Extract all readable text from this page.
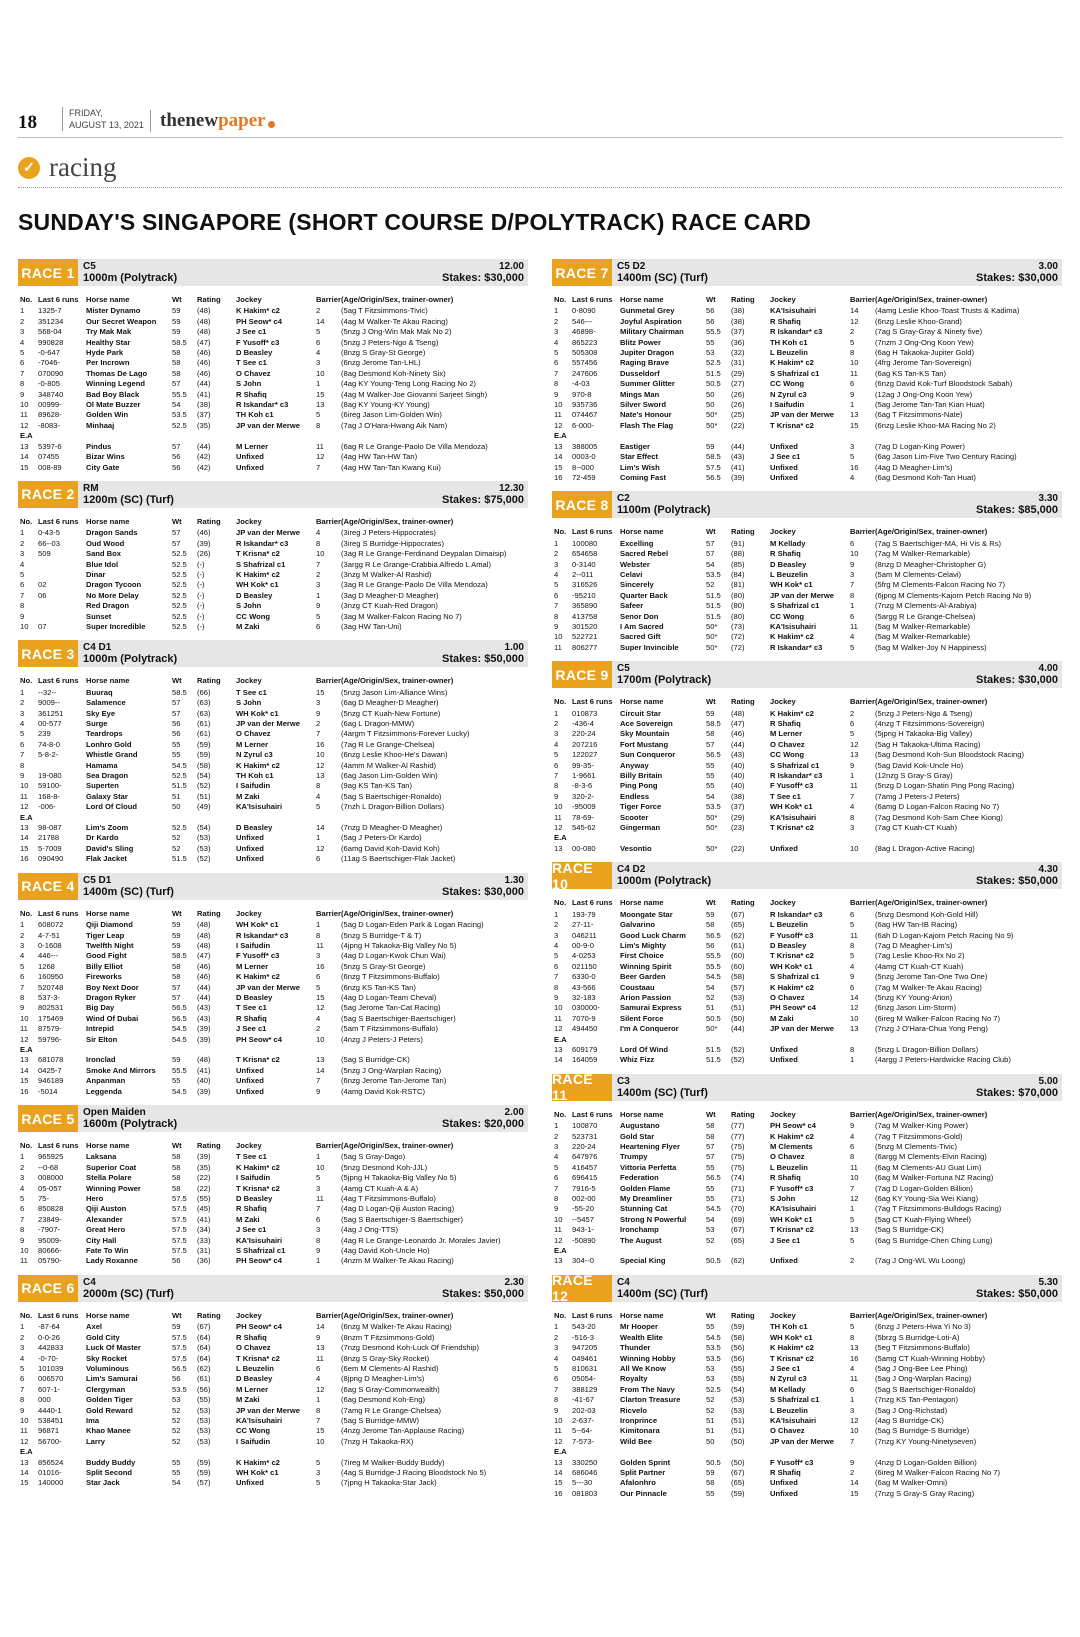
18	FRIDAY,
AUGUST 13, 2021 thenew paper
✓ racing
SUNDAY'S SINGAPORE (SHORT COURSE D/POLYTRACK) RACE CARD
RACE 1 C5
1000m (Polytrack)
12.00
Stakes: $30,000
No. Last 6 runs Horse name	Wt	Rating	Jockey	Barrier (Age/Origin/Sex, trainer-owner)
1	1325-7	Mister Dynamo	59	(48)	K Hakim* c2	2	(5ag T Fitzsimmons-Tivic)
2	351234	Our Secret Weapon	59	(48)	PH Seow* c4	14	(4ag M Walker-Te Akau Racing)
3	568-04	Try Mak Mak	59	(48)	J See c1	5	(5nzg J Ong-Win Mak Mak No 2)
4	990828	Healthy Star	58.5	(47)	F Yusoff* c3	6	(5nzg J Peters-Ngo & Tseng)
5	-0-647	Hyde Park	58	(46)	D Beasley	4	(8nzg S Gray-St George)
6	-7046-	Per Incrown	58	(46)	T See c1	3	(6nzg Jerome Tan-LHL)
7	070090	Thomas De Lago	58	(46)	O Chavez	10	(8ag Desmond Koh-Ninety Six)
8	-0-805	Winning Legend	57	(44)	S John	1	(4ag KY Young-Teng Long Racing No 2)
9	348740	Bad Boy Black	55.5	(41)	R Shafiq	15	(4ag M Walker-Joe Giovanni Sarjeet Singh)
10	00999-	Ol Mate Buzzer	54	(38)	R Iskandar* c3	13	(8ag KY Young-KY Young)
11	89628-	Golden Win	53.5	(37)	TH Koh c1	5	(6ireg Jason Lim-Golden Win)
12	-8083-	Minhaaj	52.5	(35)	JP van der Merwe	8	(7ag J O'Hara-Hwang Aik Nam)
E.A
13	5397-6	Pindus	57	(44)	M Lerner	11	(6ag R Le Grange-Paolo De Villa Mendoza)
14	07455	Bizar Wins	56	(42)	Unfixed	12	(4ag HW Tan-HW Tan)
15	008-89	City Gate	56	(42)	Unfixed	7	(4ag HW Tan-Tan Kwang Kui)
RACE 2 RM
1200m (SC) (Turf)
12.30
Stakes: $75,000
No. Last 6 runs Horse name	Wt	Rating	Jockey	Barrier (Age/Origin/Sex, trainer-owner)
1	0-43-5	Dragon Sands	57	(46)	JP van der Merwe	4	(3ireg J Peters-Hippocrates)
2	66--03	Oud Wood	57	(39)	R Iskandar* c3	8	(3ireg S Burridge-Hippocrates)
3	509	Sand Box	52.5	(26)	T Krisna* c2	10	(3ag R Le Grange-Ferdinand Deypalan Dimaisip)
4	Blue Idol	52.5	(-)	S Shafrizal c1	7	(3argg R Le Grange-Crabbia Alfredo L Amal)
5	Dinar	52.5	(-)	K Hakim* c2	2	(3nzg M Walker-Al Rashid)
6	02	Dragon Tycoon	52.5	(-)	WH Kok* c1	3	(3ag R Le Grange-Paolo De Villa Mendoza)
7	06	No More Delay	52.5	(-)	D Beasley	1	(3ag D Meagher-D Meagher)
8	Red Dragon	52.5	(-)	S John	9	(3nzg CT Kuah-Red Dragon)
9	Sunset	52.5	(-)	CC Wong	5	(3ag M Walker-Falcon Racing No 7)
10	07	Super Incredible	52.5	(-)	M Zaki	6	(3ag HW Tan-Uni)
RACE 3 C4 D1
1000m (Polytrack)
1.00
Stakes: $50,000
No. Last 6 runs Horse name	Wt	Rating	Jockey	Barrier (Age/Origin/Sex, trainer-owner)
1	--32--	Buuraq	58.5	(66)	T See c1	15	(5nzg Jason Lim-Alliance Wins)
2	9009--	Salamence	57	(63)	S John	3	(6ag D Meagher-D Meagher)
3	361251	Sky Eye	57	(63)	WH Kok* c1	9	(5nzg CT Kuah-New Fortune)
4	00-577	Surge	56	(61)	JP van der Merwe	2	(6ag L Dragon-MMW)
5	239	Teardrops	56	(61)	O Chavez	7	(4argm T Fitzsimmons-Forever Lucky)
6	74-8-0	Lonhro Gold	55	(59)	M Lerner	16	(7ag R Le Grange-Chelsea)
7	5-8-2-	Whistle Grand	55	(59)	N Zyrul c3	10	(6nzg Leslie Khoo-He's Dawan)
8	Hamama	54.5	(58)	K Hakim* c2	12	(4amm M Walker-Al Rashid)
9	19-080	Sea Dragon	52.5	(54)	TH Koh c1	13	(6ag Jason Lim-Golden Win)
10	59100-	Superten	51.5	(52)	I Saifudin	8	(9ag KS Tan-KS Tan)
11	168-8-	Galaxy Star	51	(51)	M Zaki	4	(5ag S Baertschiger-Ronaldo)
12	-006-	Lord Of Cloud	50	(49)	KA'Isisuhairi	5	(7nzh L Dragon-Billion Dollars)
E.A
13	98-087	Lim's Zoom	52.5	(54)	D Beasley	14	(7nzg D Meagher-D Meagher)
14	21788	Dr Kardo	52	(53)	Unfixed	1	(5ag J Peters-Dr Kardo)
15	5-7009	David's Sling	52	(53)	Unfixed	12	(6amg David Koh-David Koh)
16	090490	Flak Jacket	51.5	(52)	Unfixed	6	(11ag S Baertschiger-Flak Jacket)
RACE 4 C5 D1
1400m (SC) (Turf)
1.30
Stakes: $30,000
No. Last 6 runs Horse name	Wt	Rating	Jockey	Barrier (Age/Origin/Sex, trainer-owner)
1	608072	Qiji Diamond	59	(48)	WH Kok* c1	1	(5ag D Logan-Eden Park & Logan Racing)
2	4-7-51	Tiger Leap	59	(48)	R Iskandar* c3	8	(5nzg S Burridge-T & T)
3	0-1608	Twelfth Night	59	(48)	I Saifudin	11	(4jpng H Takaoka-Big Valley No 5)
4	446---	Good Fight	58.5	(47)	F Yusoff* c3	3	(4ag D Logan-Kwok Chun Wai)
5	1268	Billy Elliot	58	(46)	M Lerner	16	(5nzg S Gray-St George)
6	160950	Fireworks	58	(46)	K Hakim* c2	6	(6nzg T Fitzsimmons-Buffalo)
7	520748	Boy Next Door	57	(44)	JP van der Merwe	5	(6nzg KS Tan-KS Tan)
8	537-3-	Dragon Ryker	57	(44)	D Beasley	15	(4ag D Logan-Team Cheval)
9	802531	Big Day	56.5	(43)	T See c1	12	(5ag Jerome Tan-Cat Racing)
10	175469	Wind Of Dubai	56.5	(43)	R Shafiq	4	(5ag S Baertschiger-Baertschiger)
11	87579-	Intrepid	54.5	(39)	J See c1	2	(5am T Fitzsimmons-Buffalo)
12	59796-	Sir Elton	54.5	(39)	PH Seow* c4	10	(4nzg J Peters-J Peters)
E.A
13	681078	Ironclad	59	(48)	T Krisna* c2	13	(5ag S Burridge-CK)
14	0425-7	Smoke And Mirrors	55.5	(41)	Unfixed	14	(5nzg J Ong-Warplan Racing)
15	946189	Anpanman	55	(40)	Unfixed	7	(6nzg Jerome Tan-Jerome Tan)
16	-5014	Leggenda	54.5	(39)	Unfixed	9	(4amg David Kok-RSTC)
RACE 5 Open Maiden
1600m (Polytrack)
2.00
Stakes: $20,000
No. Last 6 runs Horse name	Wt	Rating	Jockey	Barrier (Age/Origin/Sex, trainer-owner)
1	965925	Laksana	58	(39)	T See c1	1	(5ag S Gray-Dago)
2	--0-68	Superior Coat	58	(35)	K Hakim* c2	10	(5nzg Desmond Koh-JJL)
3	008000	Stella Polare	58	(22)	I Saifudin	5	(5jpng H Takaoka-Big Valley No 5)
4	05-057	Winning Power	58	(22)	T Krisna* c2	3	(4amg CT Kuah-A & A)
5	75-	Hero	57.5	(55)	D Beasley	11	(4ag T Fitzsimmons-Buffalo)
6	850828	Qiji Auston	57.5	(45)	R Shafiq	7	(4ag D Logan-Qiji Auston Racing)
7	23849-	Alexander	57.5	(41)	M Zaki	6	(5ag S Baertschiger-S Baertschiger)
8	-7907-	Great Hero	57.5	(34)	J See c1	3	(4ag J Ong-TTS)
9	95009-	City Hall	57.5	(33)	KA'Isisuhairi	8	(4ag R Le Grange-Leonardo Jr. Morales Javier)
10	80666-	Fate To Win	57.5	(31)	S Shafrizal c1	9	(4ag David Koh-Uncle Ho)
11	05790-	Lady Roxanne	56	(36)	PH Seow* c4	1	(4nzm M Walker-Te Akau Racing)
RACE 6 C4
2000m (SC) (Turf)
2.30
Stakes: $50,000
No. Last 6 runs Horse name	Wt	Rating	Jockey	Barrier (Age/Origin/Sex, trainer-owner)
1	-87-64	Axel	59	(67)	PH Seow* c4	14	(6nzg M Walker-Te Akau Racing)
2	0-0-26	Gold City	57.5	(64)	R Shafiq	9	(8nzm T Fitzsimmons-Gold)
3	442833	Luck Of Master	57.5	(64)	O Chavez	13	(7nzg Desmond Koh-Luck Of Friendship)
4	-0-70-	Sky Rocket	57.5	(64)	T Krisna* c2	11	(8nzg S Gray-Sky Rocket)
5	101039	Voluminous	56.5	(62)	L Beuzelin	6	(6em M Clements-Al Rashid)
6	006570	Lim's Samurai	56	(61)	D Beasley	4	(8jpng D Meagher-Lim's)
7	607-1-	Clergyman	53.5	(56)	M Lerner	12	(6ag S Gray-Commonwealth)
8	000	Golden Tiger	53	(55)	M Zaki	1	(6ag Desmond Koh-Eng)
9	4440-1	Gold Reward	52	(53)	JP van der Merwe	8	(7amg R Le Grange-Chelsea)
10	538451	Ima	52	(53)	KA'Isisuhairi	7	(5ag S Burridge-MMW)
11	96871	Khao Manee	52	(53)	CC Wong	15	(4nzg Jerome Tan-Applause Racing)
12	56700-	Larry	52	(53)	I Saifudin	10	(7nzg H Takaoka-RX)
E.A
13	856524	Buddy Buddy	55	(59)	K Hakim* c2	5	(7ireg M Walker-Buddy Buddy)
14	01016-	Split Second	55	(59)	WH Kok* c1	3	(4ag S Burridge-J Racing Bloodstock No 5)
15	140000	Star Jack	54	(57)	Unfixed	5	(7jpng H Takaoka-Star Jack)
RACE 7 C5 D2
1400m (SC) (Turf)
3.00
Stakes: $30,000
No. Last 6 runs Horse name	Wt	Rating	Jockey	Barrier (Age/Origin/Sex, trainer-owner)
1	0-8090	Gunmetal Grey	56	(38)	KA'Isisuhairi	14	(4amg Leslie Khoo-Toast Trusts & Kadima)
2	546---	Joyful Aspiration	56	(38)	R Shafiq	12	(6nzg Leslie Khoo-Grand)
3	46898-	Military Chairman	55.5	(37)	R Iskandar* c3	2	(7ag S Gray-Gray & Ninety five)
4	865223	Blitz Power	55	(36)	TH Koh c1	5	(7nzm J Ong-Ong Koon Yew)
5	505308	Jupiter Dragon	53	(32)	L Beuzelin	8	(6ag H Takaoka-Jupiter Gold)
6	557456	Raging Brave	52.5	(31)	K Hakim* c2	10	(4frg Jerome Tan-Sovereign)
7	247606	Dusseldorf	51.5	(29)	S Shafrizal c1	11	(6ag KS Tan-KS Tan)
8	-4-03	Summer Glitter	50.5	(27)	CC Wong	6	(6nzg David Kok-Turf Bloodstock Sabah)
9	970-8	Mings Man	50	(26)	N Zyrul c3	9	(12ag J Ong-Ong Koon Yew)
10	935736	Silver Sword	50	(26)	I Saifudin	1	(5ag Jerome Tan-Tan Kian Huat)
11	074467	Nate's Honour	50*	(25)	JP van der Merwe	13	(6ag T Fitzsimmons-Nate)
12	6-000-	Flash The Flag	50*	(22)	T Krisna* c2	15	(6nzg Leslie Khoo-MA Racing No 2)
E.A
13	388005	Eastiger	59	(44)	Unfixed	3	(7ag D Logan-King Power)
14	0003-0	Star Effect	58.5	(43)	J See c1	5	(6ag Jason Lim-Five Two Century Racing)
15	8--000	Lim's Wish	57.5	(41)	Unfixed	16	(4ag D Meagher-Lim's)
16	72-459	Coming Fast	56.5	(39)	Unfixed	4	(6ag Desmond Koh-Tan Huat)
RACE 8 C2
1100m (Polytrack)
3.30
Stakes: $85,000
No. Last 6 runs Horse name	Wt	Rating	Jockey	Barrier (Age/Origin/Sex, trainer-owner)
1	100080	Excelling	57	(91)	M Kellady	6	(7ag S Baertschiger-MA, Hi Vis & Rs)
2	654658	Sacred Rebel	57	(88)	R Shafiq	10	(7ag M Walker-Remarkable)
3	0-3140	Webster	54	(85)	D Beasley	9	(8nzg D Meagher-Christopher G)
4	2--011	Celavi	53.5	(84)	L Beuzelin	3	(5am M Clements-Celavi)
5	316526	Sincerely	52	(81)	WH Kok* c1	7	(5frg M Clements-Falcon Racing No 7)
6	-95210	Quarter Back	51.5	(80)	JP van der Merwe	8	(6jpng M Clements-Kajorn Petch Racing No 9)
7	365890	Safeer	51.5	(80)	S Shafrizal c1	1	(7nzg M Clements-Al-Arabiya)
8	413758	Senor Don	51.5	(80)	CC Wong	6	(5argg R Le Grange-Chelsea)
9	301520	I Am Sacred	50*	(73)	KA'Isisuhairi	11	(5ag M Walker-Remarkable)
10	522721	Sacred Gift	50*	(72)	K Hakim* c2	4	(5ag M Walker-Remarkable)
11	806277	Super Invincible	50*	(72)	R Iskandar* c3	5	(5ag M Walker-Joy N Happiness)
RACE 9 C5
1700m (Polytrack)
4.00
Stakes: $30,000
No. Last 6 runs Horse name	Wt	Rating	Jockey	Barrier (Age/Origin/Sex, trainer-owner)
1	010873	Circuit Star	59	(48)	K Hakim* c2	2	(5nzg J Peters-Ngo & Tseng)
2	-436-4	Ace Sovereign	58.5	(47)	R Shafiq	6	(4nzg T Fitzsimmons-Sovereign)
3	220-24	Sky Mountain	58	(46)	M Lerner	5	(5jpng H Takaoka-Big Valley)
4	207216	Fort Mustang	57	(44)	O Chavez	12	(5ag H Takaoka-Ultima Racing)
5	122027	Sun Conqueror	56.5	(43)	CC Wong	13	(5ag Desmond Koh-Sun Bloodstock Racing)
6	99-35-	Anyway	55	(40)	S Shafrizal c1	9	(5ag David Kok-Uncle Ho)
7	1-9661	Billy Britain	55	(40)	R Iskandar* c3	1	(12nzg S Gray-S Gray)
8	-8-3-6	Ping Pong	55	(40)	F Yusoff* c3	11	(5nzg D Logan-Shatin Ping Pong Racing)
9	320-2-	Endless	54	(38)	T See c1	7	(7amg J Peters-J Peters)
10	-95009	Tiger Force	53.5	(37)	WH Kok* c1	4	(6amg D Logan-Falcon Racing No 7)
11	78-69-	Scooter	50*	(29)	KA'Isisuhairi	8	(7ag Desmond Koh-Sam Chee Kiong)
12	545-62	Gingerman	50*	(23)	T Krisna* c2	3	(7ag CT Kuah-CT Kuah)
E.A
13	00-080	Vesontio	50*	(22)	Unfixed	10	(8ag L Dragon-Active Racing)
RACE 10
C4 D2
1000m (Polytrack)
4.30
Stakes: $50,000
No. Last 6 runs Horse name	Wt	Rating	Jockey	Barrier (Age/Origin/Sex, trainer-owner)
1	193-79	Moongate Star	59	(67)	R Iskandar* c3	6	(5nzg Desmond Koh-Gold Hill)
2	27-11-	Galvarino	58	(65)	L Beuzelin	5	(6ag HW Tan-IB Racing)
3	046211	Good Luck Charm	56.5	(62)	F Yusoff* c3	11	(6ah D Logan-Kajorn Petch Racing No 9)
4	00-9-0	Lim's Mighty	56	(61)	D Beasley	8	(7ag D Meagher-Lim's)
5	4-0253	First Choice	55.5	(60)	T Krisna* c2	5	(7ag Leslie Khoo-Rx No 2)
6	021150	Winning Spirit	55.5	(60)	WH Kok* c1	4	(4amg CT Kuah-CT Kuah)
7	6330-0	Beer Garden	54.5	(58)	S Shafrizal c1	9	(5nzg Jerome Tan-One Two One)
8	43-566	Coustaau	54	(57)	K Hakim* c2	6	(7ag M Walker-Te Akau Racing)
9	32-183	Arion Passion	52	(53)	O Chavez	14	(5nzg KY Young-Arion)
10	030000-	Samurai Express	51	(51)	PH Seow* c4	12	(6nzg Jason Lim-Storm)
11	7070-9	Silent Force	50.5	(50)	M Zaki	10	(6ireg M Walker-Falcon Racing No 7)
12	494450	I'm A Conqueror	50*	(44)	JP van der Merwe	13	(7nzg J O'Hara-Chua Yong Peng)
E.A
13	609179	Lord Of Wind	51.5	(52)	Unfixed	8	(5nzg L Dragon-Billion Dollars)
14	164059	Whiz Fizz	51.5	(52)	Unfixed	1	(4argg J Peters-Hardwicke Racing Club)
RACE 11
C3
1400m (SC) (Turf)
5.00
Stakes: $70,000
No. Last 6 runs Horse name	Wt	Rating	Jockey	Barrier (Age/Origin/Sex, trainer-owner)
1	100870	Augustano	58	(77)	PH Seow* c4	9	(7ag M Walker-King Power)
2	523731	Gold Star	58	(77)	K Hakim* c2	4	(7ag T Fitzsimmons-Gold)
3	220-24	Heartening Flyer	57	(75)	M Clements	6	(5nzg M Clements-Tivic)
4	647976	Trumpy	57	(75)	O Chavez	8	(6argg M Clements-Elvin Racing)
5	416457	Vittoria Perfetta	55	(75)	L Beuzelin	11	(6ag M Clements-AU Guat Lim)
6	696415	Federation	56.5	(74)	R Shafiq	10	(6ag M Walker-Fortuna NZ Racing)
7	7916-5	Golden Flame	55	(71)	F Yusoff* c3	7	(7ag D Logan-Golden Billion)
8	002-00	My Dreamliner	55	(71)	S John	12	(6ag KY Young-Sia Wei Kiang)
9	-55-20	Stunning Cat	54.5	(70)	KA'Isisuhairi	1	(7ag T Fitzsimmons-Bulldogs Racing)
10	--5457	Strong N Powerful	54	(69)	WH Kok* c1	5	(5ag CT Kuah-Flying Wheel)
11	943-1-	Ironchamp	53	(67)	T Krisna* c2	13	(5ag S Burridge-CK)
12	-50890	The August	52	(65)	J See c1	5	(6ag S Burridge-Chen Ching Lung)
E.A
13	304--0	Special King	50.5	(62)	Unfixed	2	(7ag J Ong-WL Wu Loong)
RACE 12
C4
1400m (SC) (Turf)
5.30
Stakes: $50,000
No. Last 6 runs Horse name	Wt	Rating	Jockey	Barrier (Age/Origin/Sex, trainer-owner)
1	543-20	Mr Hooper	55	(59)	TH Koh c1	5	(6nzg J Peters-Hwa Yi No 3)
2	-516-3	Wealth Elite	54.5	(58)	WH Kok* c1	8	(5brzg S Burridge-Loti-A)
3	947205	Thunder	53.5	(56)	K Hakim* c2	13	(5eg T Fitzsimmons-Buffalo)
4	049461	Winning Hobby	53.5	(56)	T Krisna* c2	16	(5amg CT Kuah-Winning Hobby)
5	810631	All We Know	53	(55)	J See c1	4	(5ag J Ong-Bee Lee Phing)
6	05054-	Royalty	53	(55)	N Zyrul c3	11	(5ag J Ong-Warplan Racing)
7	388129	From The Navy	52.5	(54)	M Kellady	6	(5ag S Baertschiger-Ronaldo)
8	-41-67	Clarton Treasure	52	(53)	S Shafrizal c1	1	(7nzg KS Tan-Pentagon)
9	202-03	Ricvelo	52	(53)	L Beuzelin	3	(5ag J Ong-Richstad)
10	2-637-	Ironprince	51	(51)	KA'Isisuhairi	12	(4ag S Burridge-CK)
11	5--64-	Kimitonara	51	(51)	O Chavez	10	(5ag S Burridge-S Burridge)
12	7-573-	Wild Bee	50	(50)	JP van der Merwe	7	(7nzg KY Young-Ninetyseven)
E.A
13	330250	Golden Sprint	50.5	(50)	F Yusoff* c3	9	(4nzg D Logan-Golden Billion)
14	686046	Split Partner	59	(67)	R Shafiq	2	(6ireg M Walker-Falcon Racing No 7)
15	5---30	Afalonhro	58	(65)	Unfixed	14	(6ag M Walker-Omni)
16	081803	Our Pinnacle	55	(59)	Unfixed	15	(7nzg S Gray-S Gray Racing)
